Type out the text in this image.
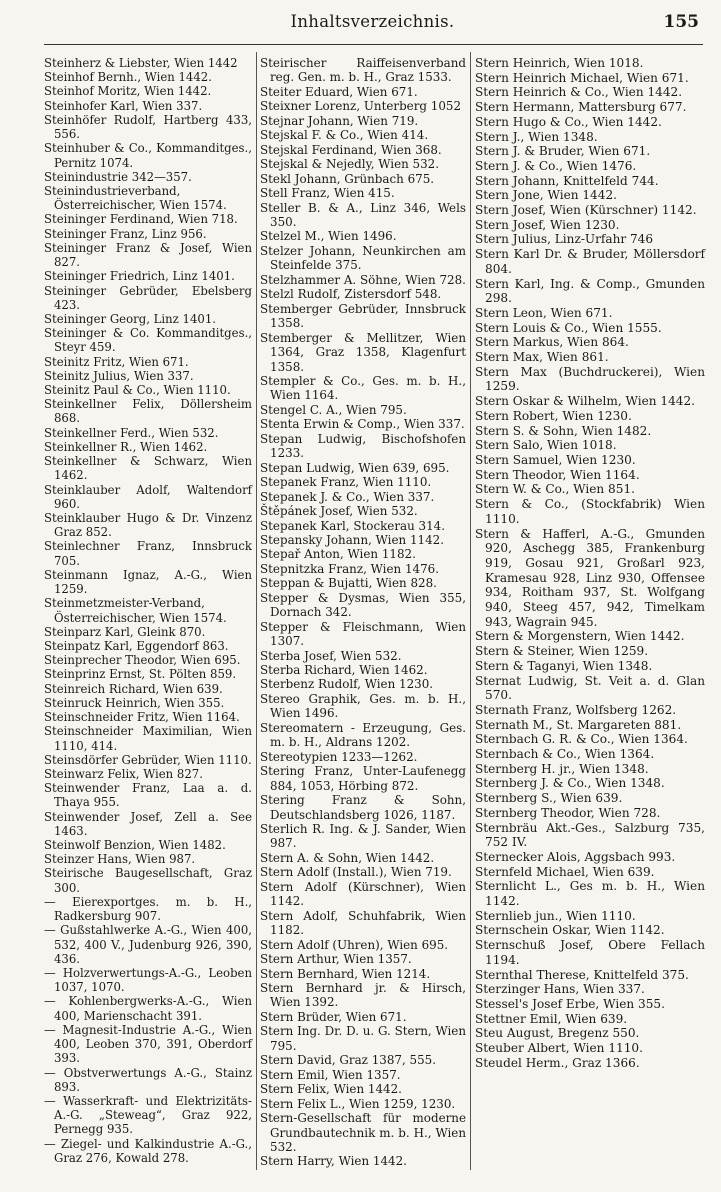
Inhaltsverzeichnis.	155

Steinherz & Liebster, Wien 1442

Steinhof Bernh., Wien 1442.

Steinhof Moritz, Wien 1442.

Steinhofer Karl, Wien 337.

Steinhöfer Rudolf, Hartberg 433, 556.

Steinhuber & Co., Kommanditges., Pernitz 1074.

Steinindustrie 342—357.

Steinindustrieverband, Österreichischer, Wien 1574.

Steininger Ferdinand, Wien 718.

Steininger Franz, Linz 956.

Steininger Franz & Josef, Wien 827.

Steininger Friedrich, Linz 1401.

Steininger Gebrüder, Ebelsberg 423.

Steininger Georg, Linz 1401.

Steininger & Co. Kommanditges., Steyr 459.

Steinitz Fritz, Wien 671.

Steinitz Julius, Wien 337.

Steinitz Paul & Co., Wien 1110.

Steinkellner Felix, Döllersheim 868.

Steinkellner Ferd., Wien 532.

Steinkellner R., Wien 1462.

Steinkellner & Schwarz, Wien 1462.

Steinklauber Adolf, Waltendorf 960.

Steinklauber Hugo & Dr. Vinzenz Graz 852.

Steinlechner Franz, Innsbruck 705.

Steinmann Ignaz, A.-G., Wien 1259.

Steinmetzmeister-Verband, Österreichischer, Wien 1574.

Steinparz Karl, Gleink 870.

Steinpatz Karl, Eggendorf 863.

Steinprecher Theodor, Wien 695.

Steinprinz Ernst, St. Pölten 859.

Steinreich Richard, Wien 639.

Steinruck Heinrich, Wien 355.

Steinschneider Fritz, Wien 1164.

Steinschneider Maximilian, Wien 1110, 414.

Steinsdörfer Gebrüder, Wien 1110.

Steinwarz Felix, Wien 827.

Steinwender Franz, Laa a. d. Thaya 955.

Steinwender Josef, Zell a. See 1463.

Steinwolf Benzion, Wien 1482.

Steinzer Hans, Wien 987.

Steirische Baugesellschaft, Graz 300.

— Eierexportges. m. b. H., Radkersburg 907.

— Gußstahlwerke A.-G., Wien 400, 532, 400 V., Judenburg 926, 390, 436.

— Holzverwertungs-A.-G., Leoben 1037, 1070.

— Kohlenbergwerks-A.-G., Wien 400, Marienschacht 391.

— Magnesit-Industrie A.-G., Wien 400, Leoben 370, 391, Oberdorf 393.

— Obstverwertungs A.-G., Stainz 893.

— Wasserkraft- und Elektrizitäts-A.-G. „Steweag“, Graz 922, Pernegg 935.

— Ziegel- und Kalkindustrie A.-G., Graz 276, Kowald 278.

Steirischer Raiffeisenverband reg. Gen. m. b. H., Graz 1533.

Steiter Eduard, Wien 671.

Steixner Lorenz, Unterberg 1052

Stejnar Johann, Wien 719.

Stejskal F. & Co., Wien 414.

Stejskal Ferdinand, Wien 368.

Stejskal & Nejedly, Wien 532.

Stekl Johann, Grünbach 675.

Stell Franz, Wien 415.

Steller B. & A., Linz 346, Wels 350.

Stelzel M., Wien 1496.

Stelzer Johann, Neunkirchen am Steinfelde 375.

Stelzhammer A. Söhne, Wien 728.

Stelzl Rudolf, Zistersdorf 548.

Stemberger Gebrüder, Innsbruck 1358.

Stemberger & Mellitzer, Wien 1364, Graz 1358, Klagenfurt 1358.

Stempler & Co., Ges. m. b. H., Wien 1164.

Stengel C. A., Wien 795.

Stenta Erwin & Comp., Wien 337.

Stepan Ludwig, Bischofshofen 1233.

Stepan Ludwig, Wien 639, 695.

Stepanek Franz, Wien 1110.

Stepanek J. & Co., Wien 337.

Štěpánek Josef, Wien 532.

Stepanek Karl, Stockerau 314.

Stepansky Johann, Wien 1142.

Stepař Anton, Wien 1182.

Stepnitzka Franz, Wien 1476.

Steppan & Bujatti, Wien 828.

Stepper & Dysmas, Wien 355, Dornach 342.

Stepper & Fleischmann, Wien 1307.

Sterba Josef, Wien 532.

Sterba Richard, Wien 1462.

Sterbenz Rudolf, Wien 1230.

Stereo Graphik, Ges. m. b. H., Wien 1496.

Stereomatern - Erzeugung, Ges. m. b. H., Aldrans 1202.

Stereotypien 1233—1262.

Stering Franz, Unter-Laufenegg 884, 1053, Hörbing 872.

Stering Franz & Sohn, Deutschlandsberg 1026, 1187.

Sterlich R. Ing. & J. Sander, Wien 987.

Stern A. & Sohn, Wien 1442.

Stern Adolf (Install.), Wien 719.

Stern Adolf (Kürschner), Wien 1142.

Stern Adolf, Schuhfabrik, Wien 1182.

Stern Adolf (Uhren), Wien 695.

Stern Arthur, Wien 1357.

Stern Bernhard, Wien 1214.

Stern Bernhard jr. & Hirsch, Wien 1392.

Stern Brüder, Wien 671.

Stern Ing. Dr. D. u. G. Stern, Wien 795.

Stern David, Graz 1387, 555.

Stern Emil, Wien 1357.

Stern Felix, Wien 1442.

Stern Felix L., Wien 1259, 1230.

Stern-Gesellschaft für moderne Grundbautechnik m. b. H., Wien 532.

Stern Harry, Wien 1442.

Stern Heinrich, Wien 1018.

Stern Heinrich Michael, Wien 671.

Stern Heinrich & Co., Wien 1442.

Stern Hermann, Mattersburg 677.

Stern Hugo & Co., Wien 1442.

Stern J., Wien 1348.

Stern J. & Bruder, Wien 671.

Stern J. & Co., Wien 1476.

Stern Johann, Knittelfeld 744.

Stern Jone, Wien 1442.

Stern Josef, Wien (Kürschner) 1142.

Stern Josef, Wien 1230.

Stern Julius, Linz-Urfahr 746

Stern Karl Dr. & Bruder, Möllersdorf 804.

Stern Karl, Ing. & Comp., Gmunden 298.

Stern Leon, Wien 671.

Stern Louis & Co., Wien 1555.

Stern Markus, Wien 864.

Stern Max, Wien 861.

Stern Max (Buchdruckerei), Wien 1259.

Stern Oskar & Wilhelm, Wien 1442.

Stern Robert, Wien 1230.

Stern S. & Sohn, Wien 1482.

Stern Salo, Wien 1018.

Stern Samuel, Wien 1230.

Stern Theodor, Wien 1164.

Stern W. & Co., Wien 851.

Stern & Co., (Stockfabrik) Wien 1110.

Stern & Hafferl, A.-G., Gmunden 920, Aschegg 385, Frankenburg 919, Gosau 921, Großarl 923, Kramesau 928, Linz 930, Offensee 934, Roitham 937, St. Wolfgang 940, Steeg 457, 942, Timelkam 943, Wagrain 945.

Stern & Morgenstern, Wien 1442.

Stern & Steiner, Wien 1259.

Stern & Taganyi, Wien 1348.

Sternat Ludwig, St. Veit a. d. Glan 570.

Sternath Franz, Wolfsberg 1262.

Sternath M., St. Margareten 881.

Sternbach G. R. & Co., Wien 1364.

Sternbach & Co., Wien 1364.

Sternberg H. jr., Wien 1348.

Sternberg J. & Co., Wien 1348.

Sternberg S., Wien 639.

Sternberg Theodor, Wien 728.

Sternbräu Akt.-Ges., Salzburg 735, 752 IV.

Sternecker Alois, Aggsbach 993.

Sternfeld Michael, Wien 639.

Sternlicht L., Ges m. b. H., Wien 1142.

Sternlieb jun., Wien 1110.

Sternschein Oskar, Wien 1142.

Sternschuß Josef, Obere Fellach 1194.

Sternthal Therese, Knittelfeld 375.

Sterzinger Hans, Wien 337.

Stessel's Josef Erbe, Wien 355.

Stettner Emil, Wien 639.

Steu August, Bregenz 550.

Steuber Albert, Wien 1110.

Steudel Herm., Graz 1366.
